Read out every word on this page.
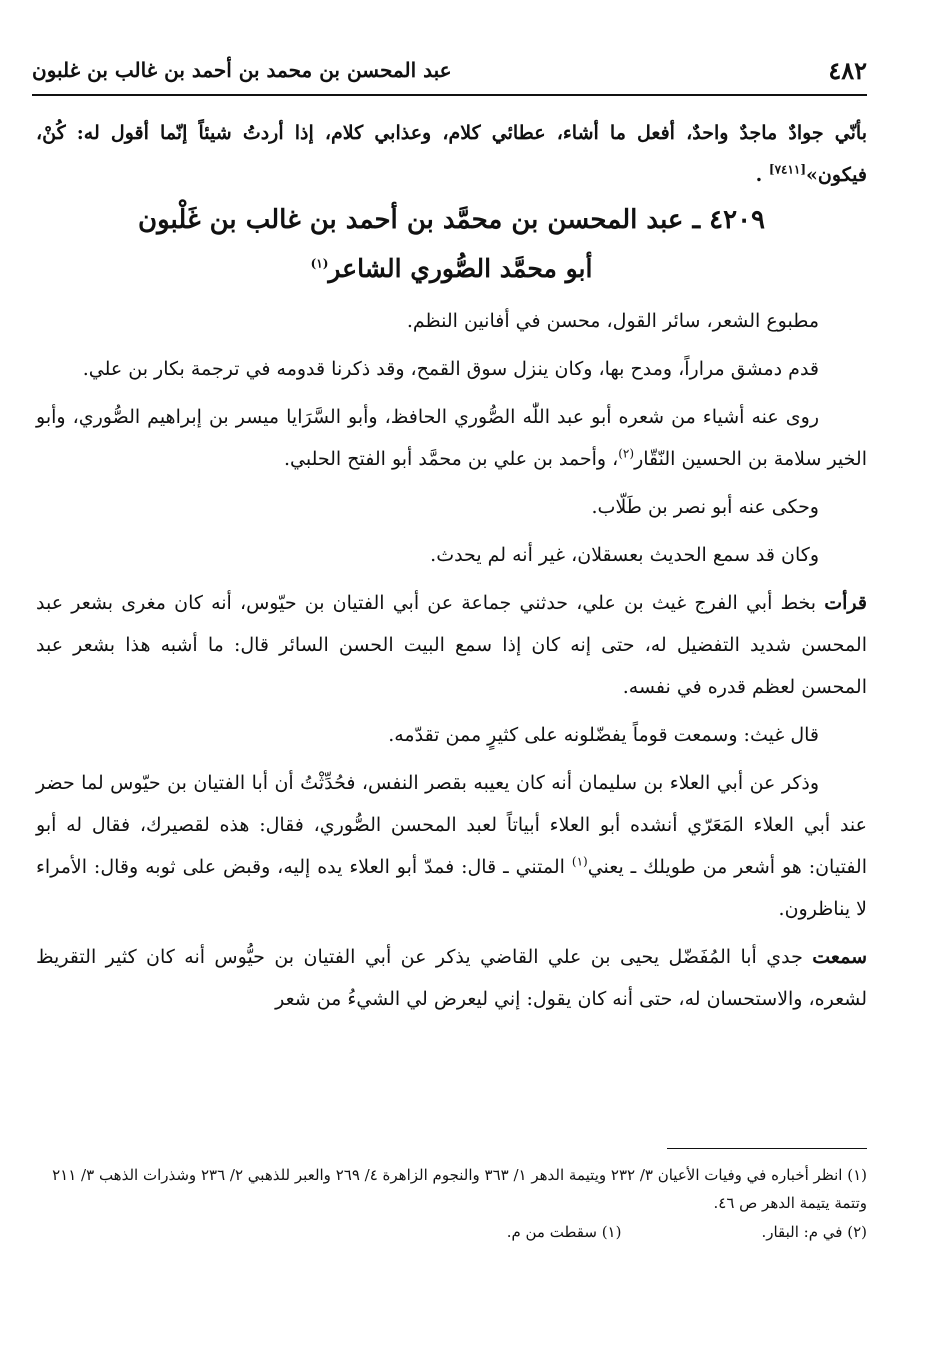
٤٨٢
عبد المحسن بن محمد بن أحمد بن غالب بن غلبون

بأنّي جوادٌ ماجدٌ واحدٌ، أفعل ما أشاء، عطائي كلام، وعذابي كلام، إذا أردتُ شيئاً إنّما أقول له: كُنْ، فيكون»[٧٤١١] .

٤٢٠٩ ـ عبد المحسن بن محمَّد بن أحمد بن غالب بن غَلْبون
أبو محمَّد الصُّوري الشاعر$^{(١)}$

مطبوع الشعر، سائر القول، محسن في أفانين النظم.

قدم دمشق مراراً، ومدح بها، وكان ينزل سوق القمح، وقد ذكرنا قدومه في ترجمة بكار بن علي.

روى عنه أشياء من شعره أبو عبد اللّٰه الصُّوري الحافظ، وأبو السَّرَايا ميسر بن إبراهيم الصُّوري، وأبو الخير سلامة بن الحسين النّقّار$^{(٢)}$، وأحمد بن علي بن محمَّد أبو الفتح الحلبي.

وحكى عنه أبو نصر بن طَلّاب.

وكان قد سمع الحديث بعسقلان، غير أنه لم يحدث.

قرأت بخط أبي الفرج غيث بن علي، حدثني جماعة عن أبي الفتيان بن حيّوس، أنه كان مغرى بشعر عبد المحسن شديد التفضيل له، حتى إنه كان إذا سمع البيت الحسن السائر قال: ما أشبه هذا بشعر عبد المحسن لعظم قدره في نفسه.

قال غيث: وسمعت قوماً يفضّلونه على كثيرٍ ممن تقدّمه.

وذكر عن أبي العلاء بن سليمان أنه كان يعيبه بقصر النفس، فحُدِّثْتُ أن أبا الفتيان بن حيّوس لما حضر عند أبي العلاء المَعَرّي أنشده أبو العلاء أبياتاً لعبد المحسن الصُّوري، فقال: هذه لقصيرك، فقال له أبو الفتيان: هو أشعر من طويلك ـ يعني$^{(١)}$ المتني ـ قال: فمدّ أبو العلاء يده إليه، وقبض على ثوبه وقال: الأمراء لا يناظرون.

سمعت جدي أبا المُفَضّل يحيى بن علي القاضي يذكر عن أبي الفتيان بن حيُّوس أنه كان كثير التقريظ لشعره، والاستحسان له، حتى أنه كان يقول: إني ليعرض لي الشيءُ من شعر

(١) انظر أخباره في وفيات الأعيان ٣/ ٢٣٢ ويتيمة الدهر ١/ ٣٦٣ والنجوم الزاهرة ٤/ ٢٦٩ والعبر للذهبي ٢/ ٢٣٦ وشذرات الذهب ٣/ ٢١١ وتتمة يتيمة الدهر ص ٤٦.
(٢) في م: البقار.
(١) سقطت من م.
